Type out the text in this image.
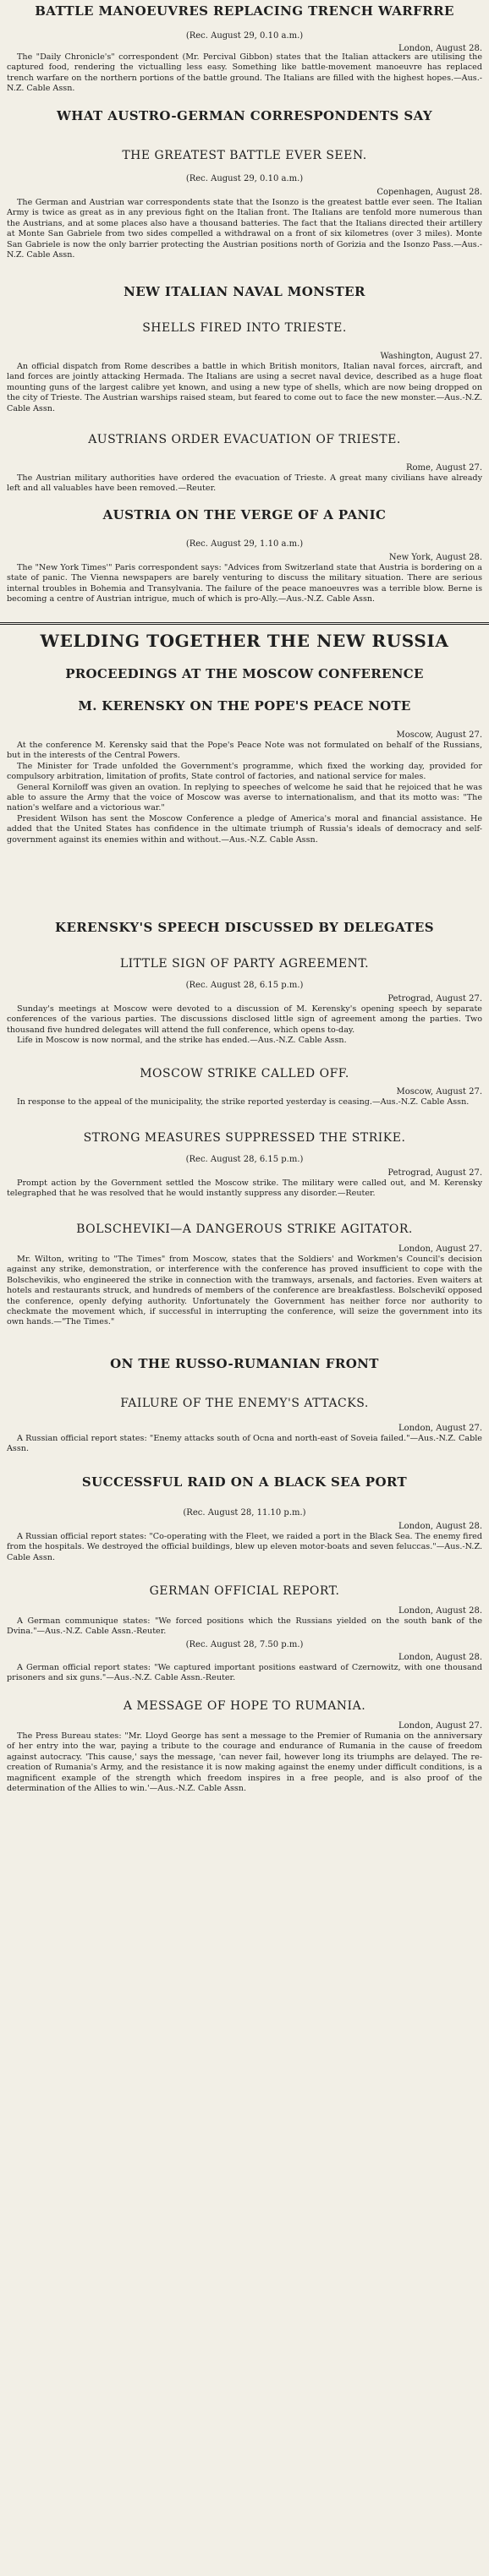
BATTLE MANOEUVRES REPLACING TRENCH WARFRRE
(Rec. August 29, 0.10 a.m.)
London, August 28.

The "Daily Chronicle's" correspondent (Mr. Percival Gibbon) states that the Italian attackers are utilising the captured food, rendering the victualling less easy. Something like battle-movement manoeuvre has replaced trench warfare on the northern portions of the battle ground. The Italians are filled with the highest hopes.—Aus.-N.Z. Cable Assn.

WHAT AUSTRO-GERMAN CORRESPONDENTS SAY
THE GREATEST BATTLE EVER SEEN.
(Rec. August 29, 0.10 a.m.)
Copenhagen, August 28.

The German and Austrian war correspondents state that the Isonzo is the greatest battle ever seen. The Italian Army is twice as great as in any previous fight on the Italian front. The Italians are tenfold more numerous than the Austrians, and at some places also have a thousand batteries. The fact that the Italians directed their artillery at Monte San Gabriele from two sides compelled a withdrawal on a front of six kilometres (over 3 miles). Monte San Gabriele is now the only barrier protecting the Austrian positions north of Gorizia and the Isonzo Pass.—Aus.-N.Z. Cable Assn.

NEW ITALIAN NAVAL MONSTER
SHELLS FIRED INTO TRIESTE.
Washington, August 27.

An official dispatch from Rome describes a battle in which British monitors, Italian naval forces, aircraft, and land forces are jointly attacking Hermada. The Italians are using a secret naval device, described as a huge float mounting guns of the largest calibre yet known, and using a new type of shells, which are now being dropped on the city of Trieste. The Austrian warships raised steam, but feared to come out to face the new monster.—Aus.-N.Z. Cable Assn.

AUSTRIANS ORDER EVACUATION OF TRIESTE.
Rome, August 27.

The Austrian military authorities have ordered the evacuation of Trieste. A great many civilians have already left and all valuables have been removed.—Reuter.

AUSTRIA ON THE VERGE OF A PANIC
(Rec. August 29, 1.10 a.m.)
New York, August 28.

The "New York Times'" Paris correspondent says: "Advices from Switzerland state that Austria is bordering on a state of panic. The Vienna newspapers are barely venturing to discuss the military situation. There are serious internal troubles in Bohemia and Transylvania. The failure of the peace manoeuvres was a terrible blow. Berne is becoming a centre of Austrian intrigue, much of which is pro-Ally.—Aus.-N.Z. Cable Assn.

WELDING TOGETHER THE NEW RUSSIA
PROCEEDINGS AT THE MOSCOW CONFERENCE
M. KERENSKY ON THE POPE'S PEACE NOTE
Moscow, August 27.

At the conference M. Kerensky said that the Pope's Peace Note was not formulated on behalf of the Russians, but in the interests of the Central Powers.

The Minister for Trade unfolded the Government's programme, which fixed the working day, provided for compulsory arbitration, limitation of profits, State control of factories, and national service for males.

General Korniloff was given an ovation. In replying to speeches of welcome he said that he rejoiced that he was able to assure the Army that the voice of Moscow was averse to internationalism, and that its motto was: "The nation's welfare and a victorious war."

President Wilson has sent the Moscow Conference a pledge of America's moral and financial assistance. He added that the United States has confidence in the ultimate triumph of Russia's ideals of democracy and self-government against its enemies within and without.—Aus.-N.Z. Cable Assn.

KERENSKY'S SPEECH DISCUSSED BY DELEGATES
LITTLE SIGN OF PARTY AGREEMENT.
(Rec. August 28, 6.15 p.m.)
Petrograd, August 27.

Sunday's meetings at Moscow were devoted to a discussion of M. Kerensky's opening speech by separate conferences of the various parties. The discussions disclosed little sign of agreement among the parties. Two thousand five hundred delegates will attend the full conference, which opens to-day.

Life in Moscow is now normal, and the strike has ended.—Aus.-N.Z. Cable Assn.

MOSCOW STRIKE CALLED OFF.
Moscow, August 27.

In response to the appeal of the municipality, the strike reported yesterday is ceasing.—Aus.-N.Z. Cable Assn.

STRONG MEASURES SUPPRESSED THE STRIKE.
(Rec. August 28, 6.15 p.m.)
Petrograd, August 27.

Prompt action by the Government settled the Moscow strike. The military were called out, and M. Kerensky telegraphed that he was resolved that he would instantly suppress any disorder.—Reuter.

BOLSCHEVIKI—A DANGEROUS STRIKE AGITATOR.
London, August 27.

Mr. Wilton, writing to "The Times" from Moscow, states that the Soldiers' and Workmen's Council's decision against any strike, demonstration, or interference with the conference has proved insufficient to cope with the Bolschevikis, who engineered the strike in connection with the tramways, arsenals, and factories. Even waiters at hotels and restaurants struck, and hundreds of members of the conference are breakfastless. Bolschevikï opposed the conference, openly defying authority. Unfortunately the Government has neither force nor authority to checkmate the movement which, if successful in interrupting the conference, will seize the government into its own hands.—"The Times."

ON THE RUSSO-RUMANIAN FRONT
FAILURE OF THE ENEMY'S ATTACKS.
London, August 27.

A Russian official report states: "Enemy attacks south of Ocna and north-east of Soveia failed."—Aus.-N.Z. Cable Assn.

SUCCESSFUL RAID ON A BLACK SEA PORT
(Rec. August 28, 11.10 p.m.)
London, August 28.

A Russian official report states: "Co-operating with the Fleet, we raided a port in the Black Sea. The enemy fired from the hospitals. We destroyed the official buildings, blew up eleven motor-boats and seven feluccas."—Aus.-N.Z. Cable Assn.

GERMAN OFFICIAL REPORT.
London, August 28.

A German communique states: "We forced positions which the Russians yielded on the south bank of the Dvina."—Aus.-N.Z. Cable Assn.-Reuter.

(Rec. August 28, 7.50 p.m.)
London, August 28.

A German official report states: "We captured important positions eastward of Czernowitz, with one thousand prisoners and six guns."—Aus.-N.Z. Cable Assn.-Reuter.

A MESSAGE OF HOPE TO RUMANIA.
London, August 27.

The Press Bureau states: "Mr. Lloyd George has sent a message to the Premier of Rumania on the anniversary of her entry into the war, paying a tribute to the courage and endurance of Rumania in the cause of freedom against autocracy. 'This cause,' says the message, 'can never fail, however long its triumphs are delayed. The re-creation of Rumania's Army, and the resistance it is now making against the enemy under difficult conditions, is a magnificent example of the strength which freedom inspires in a free people, and is also proof of the determination of the Allies to win.'—Aus.-N.Z. Cable Assn.
